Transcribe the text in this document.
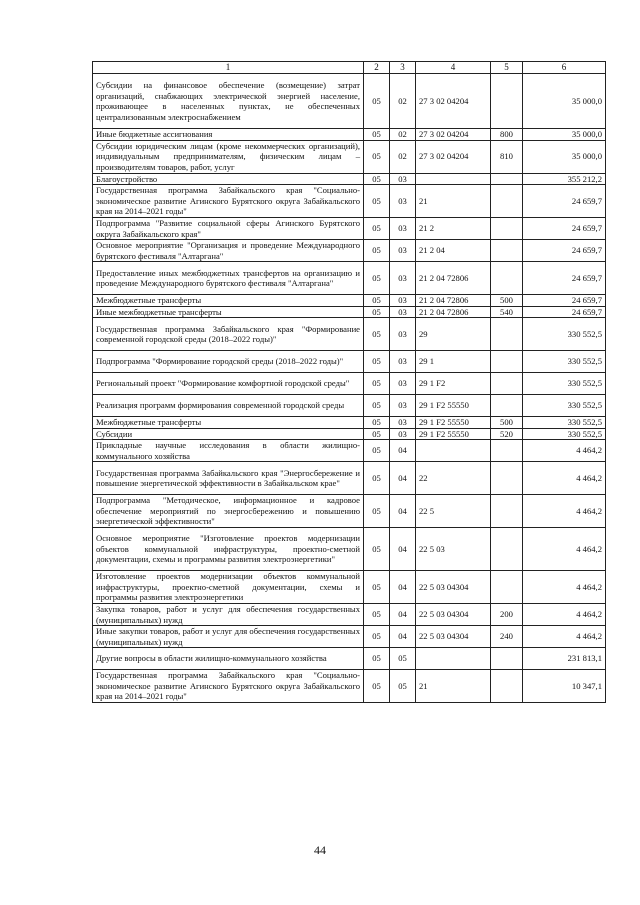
1	2	3	4	5	6
Субсидии на финансовое обеспечение (возмещение) затрат организаций, снабжающих электрической энергией население, проживающее в населенных пунктах, не обеспеченных централизованным электроснабжением	05	02	27 3 02 04204		35 000,0
Иные бюджетные ассигнования	05	02	27 3 02 04204	800	35 000,0
Субсидии юридическим лицам (кроме некоммерческих организаций), индивидуальным предпринимателям, физическим лицам – производителям товаров, работ, услуг	05	02	27 3 02 04204	810	35 000,0
Благоустройство	05	03			355 212,2
Государственная программа Забайкальского края "Социально-экономическое развитие Агинского Бурятского округа Забайкальского края на 2014–2021 годы"	05	03	21		24 659,7
Подпрограмма "Развитие социальной сферы Агинского Бурятского округа Забайкальского края"	05	03	21 2		24 659,7
Основное мероприятие "Организация и проведение Международного бурятского фестиваля "Алтаргана"	05	03	21 2 04		24 659,7
Предоставление иных межбюджетных трансфертов на организацию и проведение Международного бурятского фестиваля "Алтаргана"	05	03	21 2 04 72806		24 659,7
Межбюджетные трансферты	05	03	21 2 04 72806	500	24 659,7
Иные межбюджетные трансферты	05	03	21 2 04 72806	540	24 659,7
Государственная программа Забайкальского края "Формирование современной городской среды (2018–2022 годы)"	05	03	29		330 552,5
Подпрограмма "Формирование городской среды (2018–2022 годы)"	05	03	29 1		330 552,5
Региональный проект "Формирование комфортной городской среды"	05	03	29 1 F2		330 552,5
Реализация программ формирования современной городской среды	05	03	29 1 F2 55550		330 552,5
Межбюджетные трансферты	05	03	29 1 F2 55550	500	330 552,5
Субсидии	05	03	29 1 F2 55550	520	330 552,5
Прикладные научные исследования в области жилищно-коммунального хозяйства	05	04			4 464,2
Государственная программа Забайкальского края "Энергосбережение и повышение энергетической эффективности в Забайкальском крае"	05	04	22		4 464,2
Подпрограмма "Методическое, информационное и кадровое обеспечение мероприятий по энергосбережению и повышению энергетической эффективности"	05	04	22 5		4 464,2
Основное мероприятие "Изготовление проектов модернизации объектов коммунальной инфраструктуры, проектно-сметной документации, схемы и программы развития электроэнергетики"	05	04	22 5 03		4 464,2
Изготовление проектов модернизации объектов коммунальной инфраструктуры, проектно-сметной документации, схемы и программы развития электроэнергетики	05	04	22 5 03 04304		4 464,2
Закупка товаров, работ и услуг для обеспечения государственных (муниципальных) нужд	05	04	22 5 03 04304	200	4 464,2
Иные закупки товаров, работ и услуг для обеспечения государственных (муниципальных) нужд	05	04	22 5 03 04304	240	4 464,2
Другие вопросы в области жилищно-коммунального хозяйства	05	05			231 813,1
Государственная программа Забайкальского края "Социально-экономическое развитие Агинского Бурятского округа Забайкальского края на 2014–2021 годы"	05	05	21		10 347,1
44
